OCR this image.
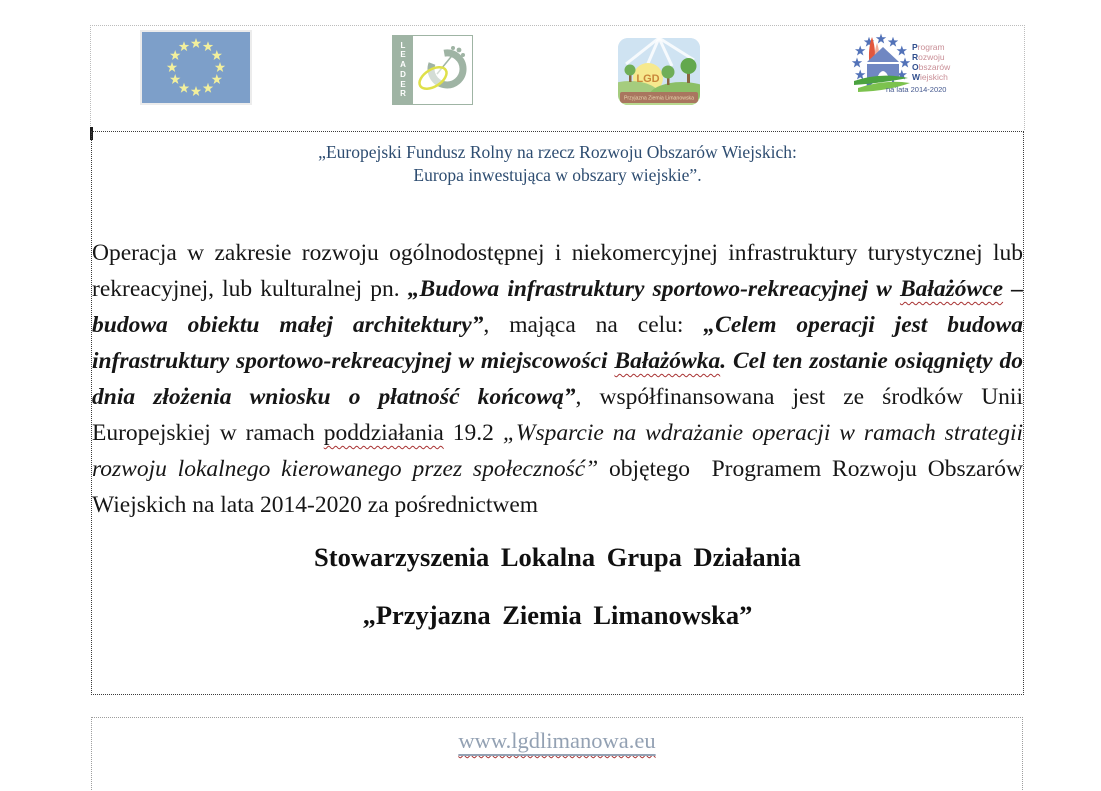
L
E
A
D
E
R
LGD
Przyjazna Ziemia Limanowska
Program
Rozwoju
Obszarów
Wiejskich
na lata 2014-2020
„Europejski Fundusz Rolny na rzecz Rozwoju Obszarów Wiejskich:
Europa inwestująca w obszary wiejskie”.

Operacja w zakresie rozwoju ogólnodostępnej i niekomercyjnej infrastruktury turystycznej lub rekreacyjnej, lub kulturalnej pn. „Budowa infrastruktury sportowo-rekreacyjnej w Bałażówce – budowa obiektu małej architektury”, mająca na celu: „Celem operacji jest budowa infrastruktury sportowo-rekreacyjnej w miejscowości Bałażówka. Cel ten zostanie osiągnięty do dnia złożenia wniosku o płatność końcową”, współfinansowana jest ze środków Unii Europejskiej w ramach poddziałania 19.2 „Wsparcie na wdrażanie operacji w ramach strategii rozwoju lokalnego kierowanego przez społeczność” objętego  Programem Rozwoju Obszarów Wiejskich na lata 2014-2020 za pośrednictwem

Stowarzyszenia Lokalna Grupa Działania
„Przyjazna Ziemia Limanowska”
www.lgdlimanowa.eu
